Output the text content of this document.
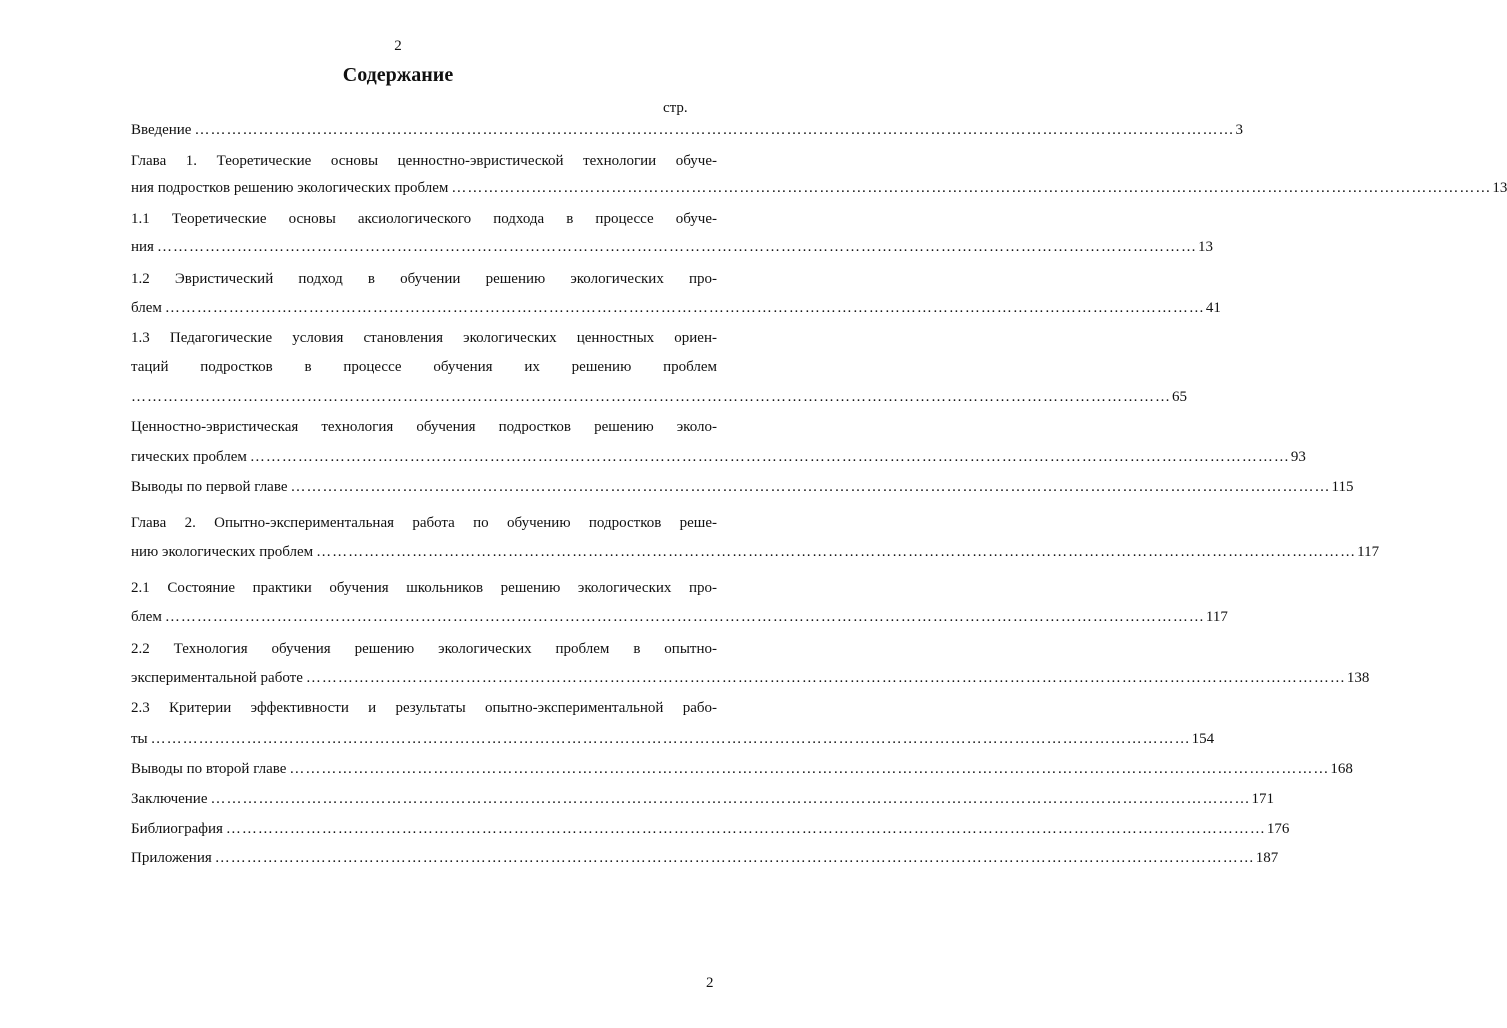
2
Содержание
стр.
Введение …………………………………………………………………………………………………………………………………………………………………………… 3
Глава 1. Теоретические основы ценностно-эвристической технологии обуче-
ния подростков решению экологических проблем …………………………………………………………………………………………………………………………………………………………………………… 13
1.1 Теоретические основы аксиологического подхода в процессе обуче-
ния …………………………………………………………………………………………………………………………………………………………………………… 13
1.2 Эвристический подход в обучении решению экологических про-
блем …………………………………………………………………………………………………………………………………………………………………………… 41
1.3 Педагогические условия становления экологических ценностных ориен-
таций подростков в процессе обучения их решению проблем
…………………………………………………………………………………………………………………………………………………………………………… 65
Ценностно-эвристическая технология обучения подростков решению эколо-
гических проблем …………………………………………………………………………………………………………………………………………………………………………… 93
Выводы по первой главе …………………………………………………………………………………………………………………………………………………………………………… 115
Глава 2. Опытно-экспериментальная работа по обучению подростков реше-
нию экологических проблем …………………………………………………………………………………………………………………………………………………………………………… 117
2.1 Состояние практики обучения школьников решению экологических про-
блем …………………………………………………………………………………………………………………………………………………………………………… 117
2.2 Технология обучения решению экологических проблем в опытно-
экспериментальной работе …………………………………………………………………………………………………………………………………………………………………………… 138
2.3 Критерии эффективности и результаты опытно-экспериментальной рабо-
ты …………………………………………………………………………………………………………………………………………………………………………… 154
Выводы по второй главе …………………………………………………………………………………………………………………………………………………………………………… 168
Заключение …………………………………………………………………………………………………………………………………………………………………………… 171
Библиография …………………………………………………………………………………………………………………………………………………………………………… 176
Приложения …………………………………………………………………………………………………………………………………………………………………………… 187
2
